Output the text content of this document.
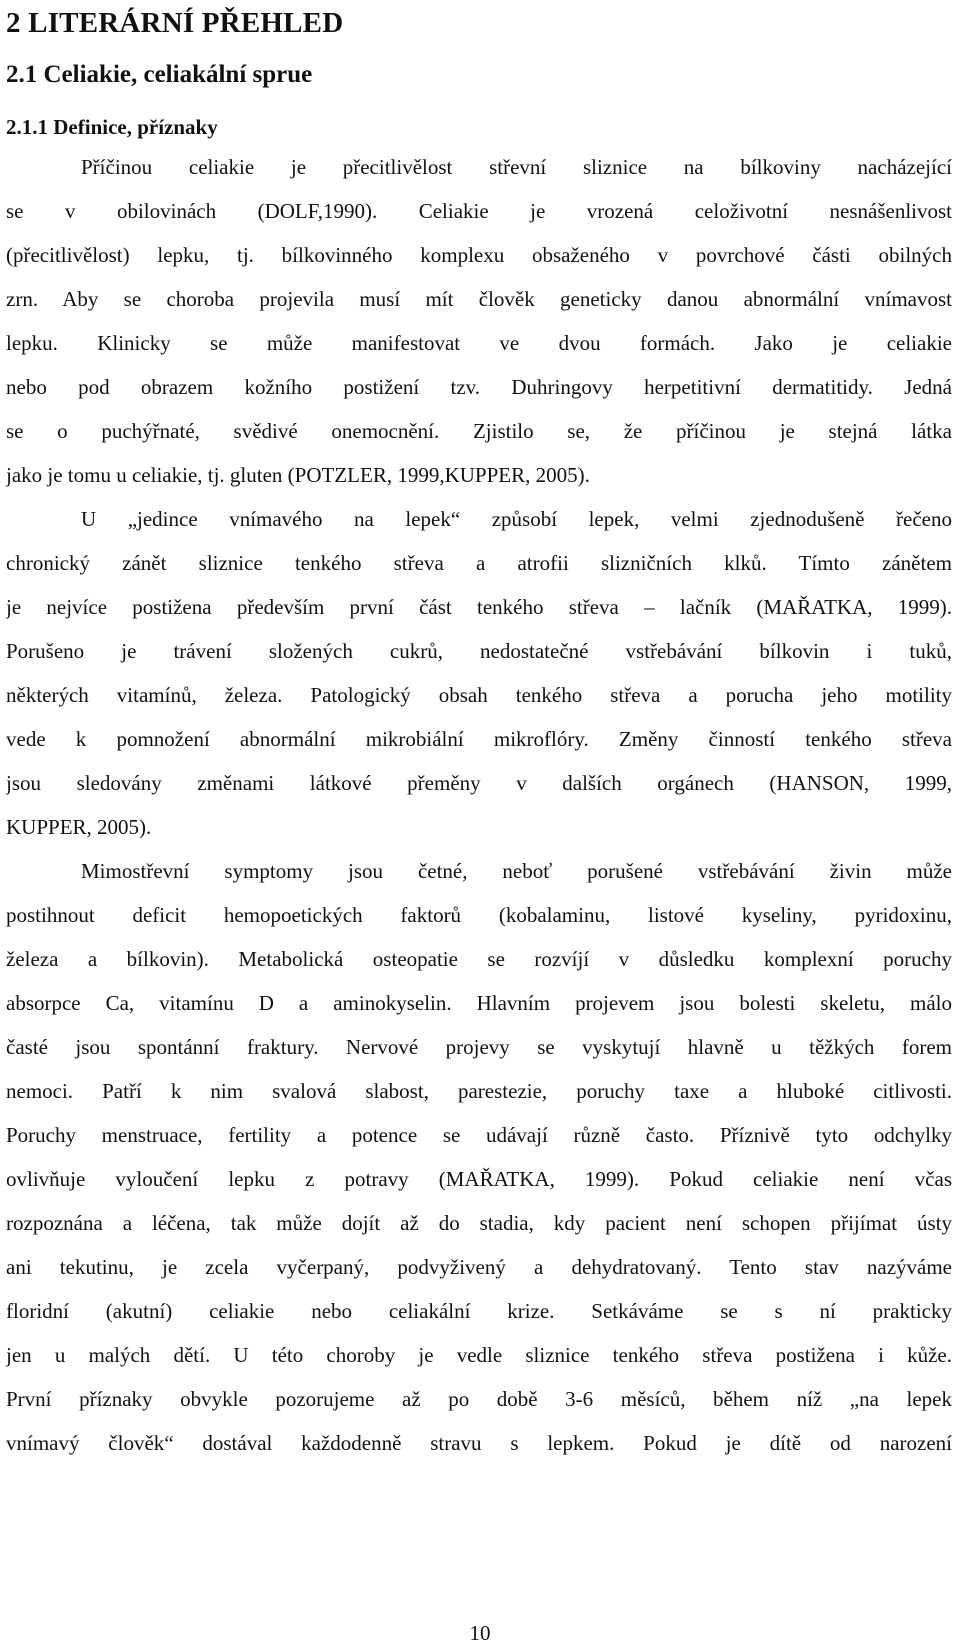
2 LITERÁRNÍ PŘEHLED
2.1 Celiakie, celiakální sprue
2.1.1 Definice, příznaky
Příčinou celiakie je přecitlivělost střevní sliznice na bílkoviny nacházející
se v obilovinách (DOLF,1990). Celiakie je vrozená celoživotní nesnášenlivost
(přecitlivělost) lepku, tj. bílkovinného komplexu obsaženého v povrchové části obilných
zrn. Aby se choroba projevila musí mít člověk geneticky danou abnormální vnímavost
lepku. Klinicky se může manifestovat ve dvou formách. Jako je celiakie
nebo pod obrazem kožního postižení tzv. Duhringovy herpetitivní dermatitidy. Jedná
se o puchýřnaté, svědivé onemocnění. Zjistilo se, že příčinou je stejná látka
jako je tomu u celiakie, tj. gluten (POTZLER, 1999,KUPPER, 2005).
U „jedince vnímavého na lepek“ způsobí lepek, velmi zjednodušeně řečeno
chronický zánět sliznice tenkého střeva a atrofii slizničních klků. Tímto zánětem
je nejvíce postižena především první část tenkého střeva – lačník (MAŘATKA, 1999).
Porušeno je trávení složených cukrů, nedostatečné vstřebávání bílkovin i tuků,
některých vitamínů, železa. Patologický obsah tenkého střeva a porucha jeho motility
vede k pomnožení abnormální mikrobiální mikroflóry. Změny činností tenkého střeva
jsou sledovány změnami látkové přeměny v dalších orgánech (HANSON, 1999,
KUPPER, 2005).
Mimostřevní symptomy jsou četné, neboť porušené vstřebávání živin může
postihnout deficit hemopoetických faktorů (kobalaminu, listové kyseliny, pyridoxinu,
železa a bílkovin). Metabolická osteopatie se rozvíjí v důsledku komplexní poruchy
absorpce Ca, vitamínu D a aminokyselin. Hlavním projevem jsou bolesti skeletu, málo
časté jsou spontánní fraktury. Nervové projevy se vyskytují hlavně u těžkých forem
nemoci. Patří k nim svalová slabost, parestezie, poruchy taxe a hluboké citlivosti.
Poruchy menstruace, fertility a potence se udávají různě často. Příznivě tyto odchylky
ovlivňuje vyloučení lepku z potravy (MAŘATKA, 1999). Pokud celiakie není včas
rozpoznána a léčena, tak může dojít až do stadia, kdy pacient není schopen přijímat ústy
ani tekutinu, je zcela vyčerpaný, podvyživený a dehydratovaný. Tento stav nazýváme
floridní (akutní) celiakie nebo celiakální krize. Setkáváme se s ní prakticky
jen u malých dětí. U této choroby je vedle sliznice tenkého střeva postižena i kůže.
První příznaky obvykle pozorujeme až po době 3-6 měsíců, během níž „na lepek
vnímavý člověk“ dostával každodenně stravu s lepkem. Pokud je dítě od narození
10
